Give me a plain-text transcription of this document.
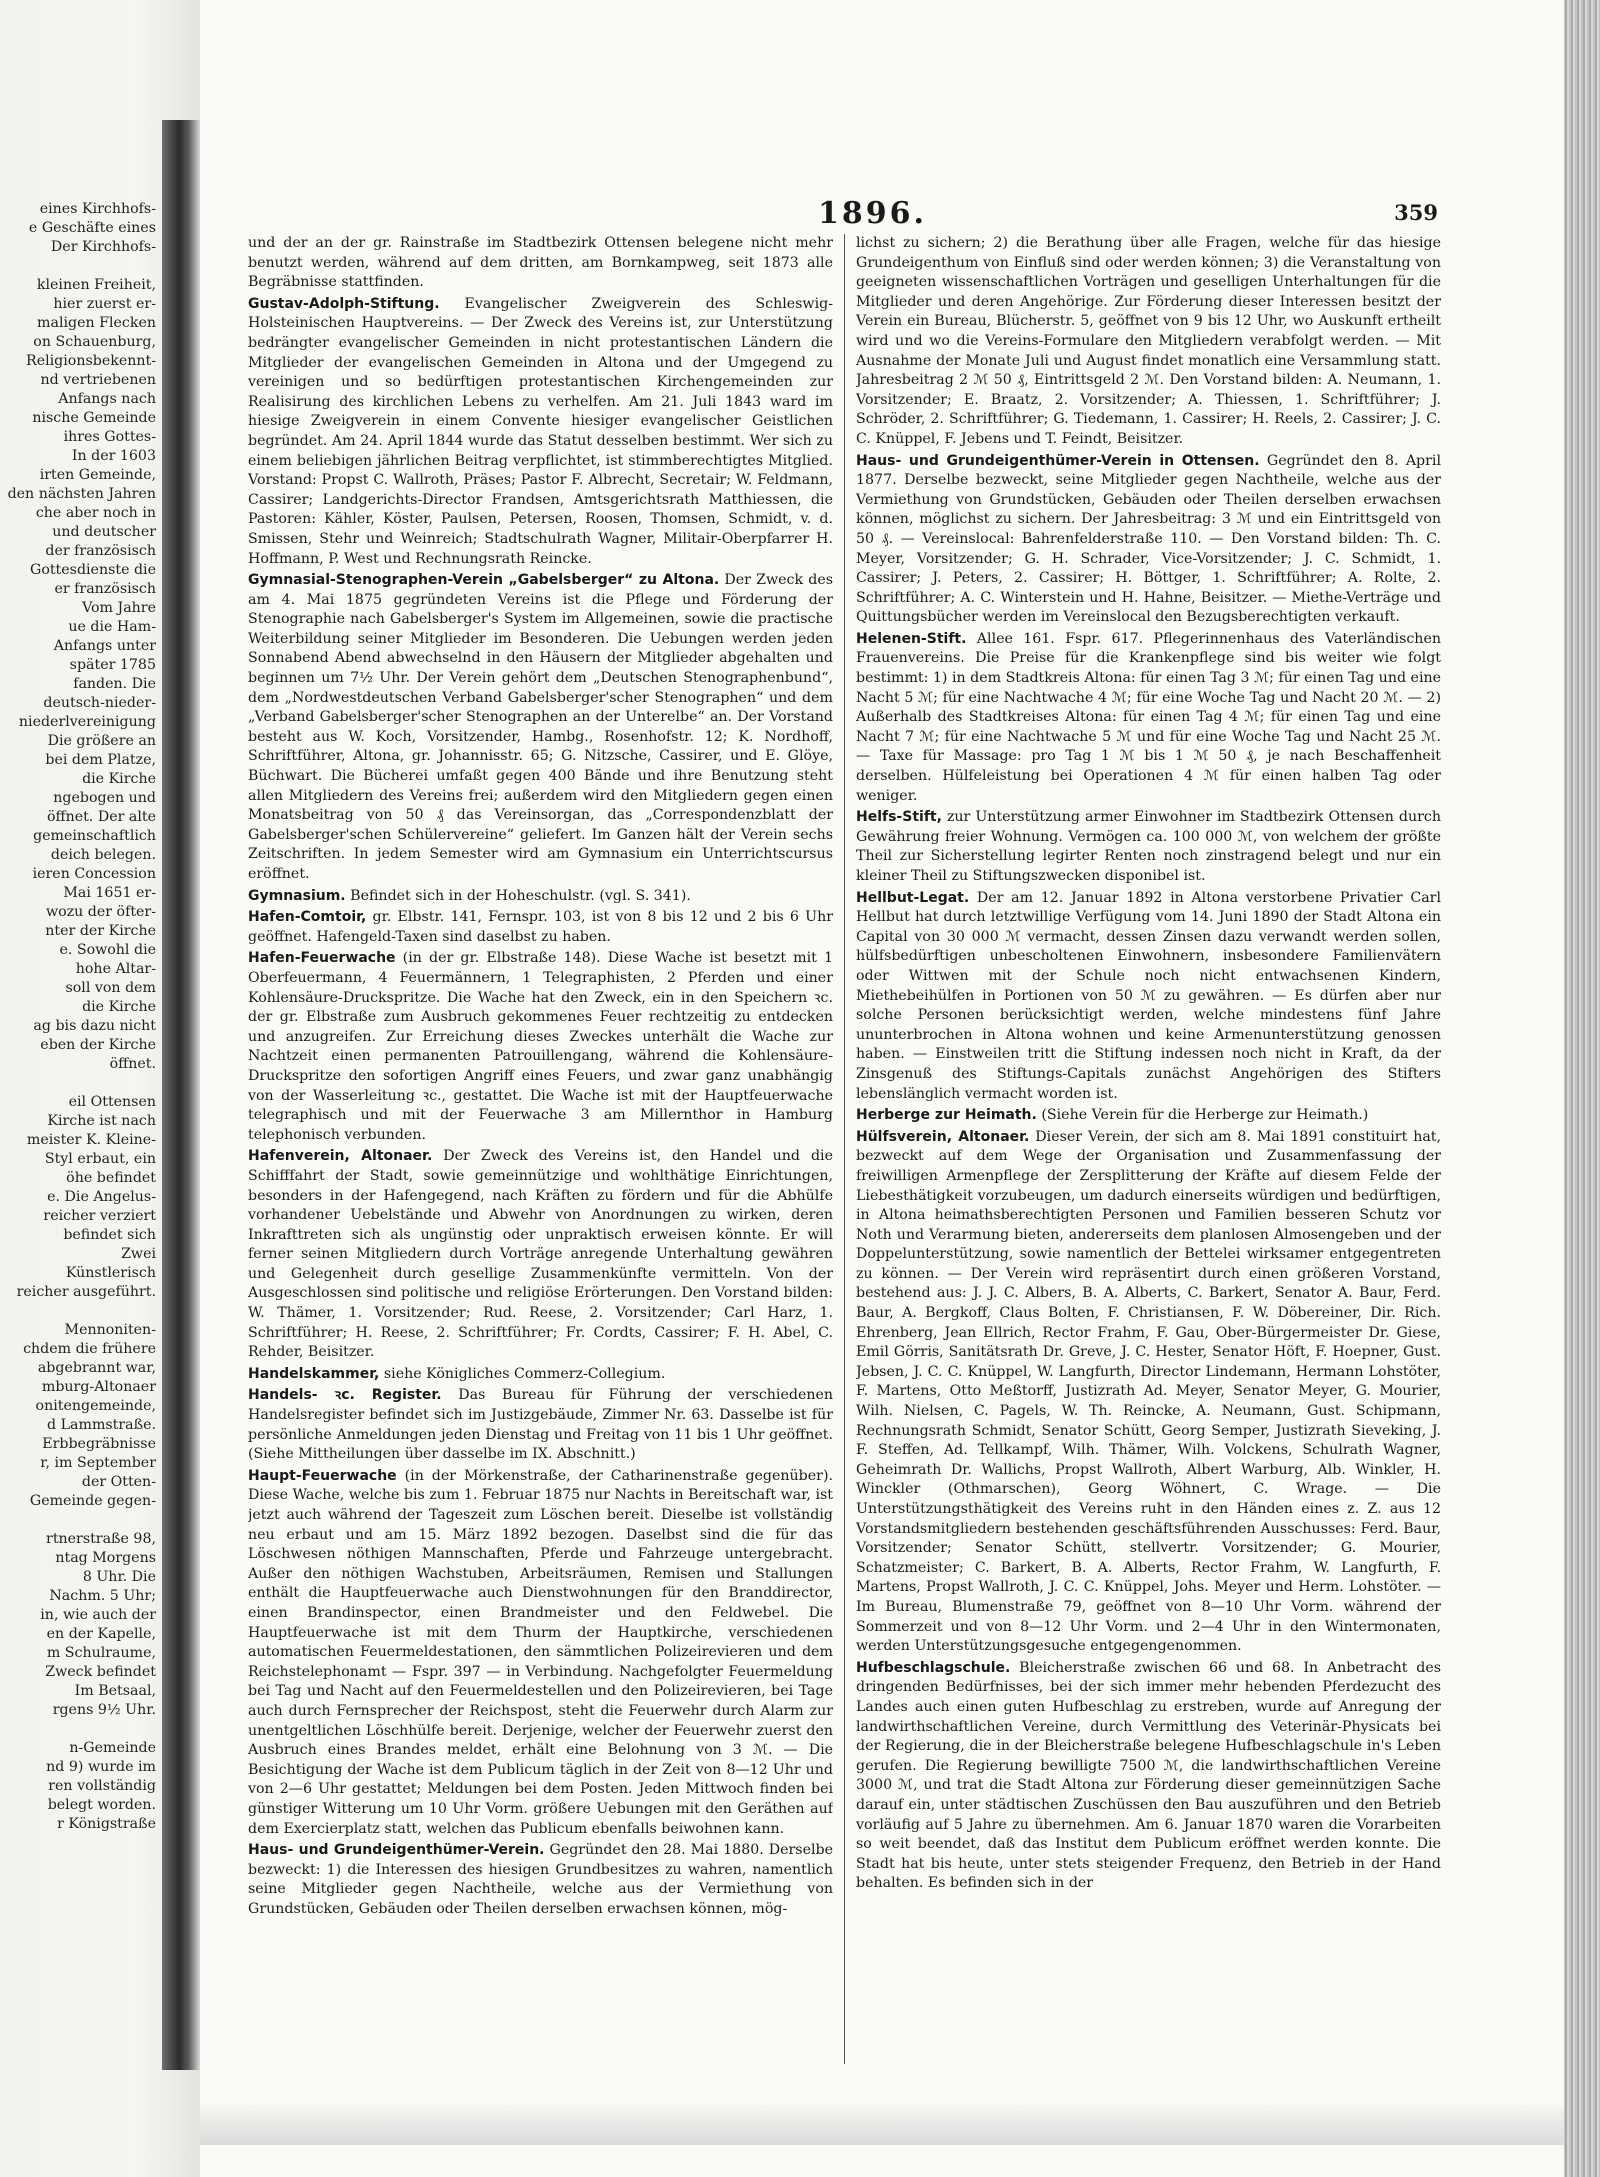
eines Kirchhofs-
e Geschäfte eines
Der Kirchhofs-
kleinen Freiheit,
hier zuerst er-
maligen Flecken
on Schauenburg,
Religionsbekennt-
nd vertriebenen
Anfangs nach
nische Gemeinde
ihres Gottes-
In der 1603
irten Gemeinde,
den nächsten Jahren
che aber noch in
und deutscher
der französisch
Gottesdienste die
er französisch
Vom Jahre
ue die Ham-
Anfangs unter
später 1785
fanden. Die
deutsch-nieder-
niederlvereinigung
Die größere an
bei dem Platze,
die Kirche
ngebogen und
öffnet. Der alte
gemeinschaftlich
deich belegen.
ieren Concession
Mai 1651 er-
wozu der öfter-
nter der Kirche
e. Sowohl die
hohe Altar-
soll von dem
die Kirche
ag bis dazu nicht
eben der Kirche
öffnet.
eil Ottensen
Kirche ist nach
meister K. Kleine-
Styl erbaut, ein
öhe befindet
e. Die Angelus-
reicher verziert
befindet sich
Zwei
Künstlerisch
reicher ausgeführt.
Mennoniten-
chdem die frühere
abgebrannt war,
mburg-Altonaer
onitengemeinde,
d Lammstraße.
Erbbegräbnisse
r, im September
der Otten-
Gemeinde gegen-
rtnerstraße 98,
ntag Morgens
8 Uhr. Die
Nachm. 5 Uhr;
in, wie auch der
en der Kapelle,
m Schulraume,
Zweck befindet
Im Betsaal,
rgens 9½ Uhr.
n-Gemeinde
nd 9) wurde im
ren vollständig
belegt worden.
r Königstraße
1896.	359

und der an der gr. Rainstraße im Stadtbezirk Ottensen belegene nicht mehr benutzt werden, während auf dem dritten, am Bornkampweg, seit 1873 alle Begräbnisse stattfinden.

Gustav-Adolph-Stiftung. Evangelischer Zweigverein des Schleswig-Holsteinischen Hauptvereins. — Der Zweck des Vereins ist, zur Unterstützung bedrängter evangelischer Gemeinden in nicht protestantischen Ländern die Mitglieder der evangelischen Gemeinden in Altona und der Umgegend zu vereinigen und so bedürftigen protestantischen Kirchengemeinden zur Realisirung des kirchlichen Lebens zu verhelfen. Am 21. Juli 1843 ward im hiesige Zweigverein in einem Convente hiesiger evangelischer Geistlichen begründet. Am 24. April 1844 wurde das Statut desselben bestimmt. Wer sich zu einem beliebigen jährlichen Beitrag verpflichtet, ist stimmberechtigtes Mitglied. Vorstand: Propst C. Wallroth, Präses; Pastor F. Albrecht, Secretair; W. Feldmann, Cassirer; Landgerichts-Director Frandsen, Amtsgerichtsrath Matthiessen, die Pastoren: Kähler, Köster, Paulsen, Petersen, Roosen, Thomsen, Schmidt, v. d. Smissen, Stehr und Weinreich; Stadtschulrath Wagner, Militair-Oberpfarrer H. Hoffmann, P. West und Rechnungsrath Reincke.

Gymnasial-Stenographen-Verein „Gabelsberger“ zu Altona. Der Zweck des am 4. Mai 1875 gegründeten Vereins ist die Pflege und Förderung der Stenographie nach Gabelsberger's System im Allgemeinen, sowie die practische Weiterbildung seiner Mitglieder im Besonderen. Die Uebungen werden jeden Sonnabend Abend abwechselnd in den Häusern der Mitglieder abgehalten und beginnen um 7½ Uhr. Der Verein gehört dem „Deutschen Stenographenbund“, dem „Nordwestdeutschen Verband Gabelsberger'scher Stenographen“ und dem „Verband Gabelsberger'scher Stenographen an der Unterelbe“ an. Der Vorstand besteht aus W. Koch, Vorsitzender, Hambg., Rosenhofstr. 12; K. Nordhoff, Schriftführer, Altona, gr. Johannisstr. 65; G. Nitzsche, Cassirer, und E. Glöye, Büchwart. Die Bücherei umfaßt gegen 400 Bände und ihre Benutzung steht allen Mitgliedern des Vereins frei; außerdem wird den Mitgliedern gegen einen Monatsbeitrag von 50 ₰ das Vereinsorgan, das „Correspondenzblatt der Gabelsberger'schen Schülervereine“ geliefert. Im Ganzen hält der Verein sechs Zeitschriften. In jedem Semester wird am Gymnasium ein Unterrichtscursus eröffnet.

Gymnasium. Befindet sich in der Hoheschulstr. (vgl. S. 341).

Hafen-Comtoir, gr. Elbstr. 141, Fernspr. 103, ist von 8 bis 12 und 2 bis 6 Uhr geöffnet. Hafengeld-Taxen sind daselbst zu haben.

Hafen-Feuerwache (in der gr. Elbstraße 148). Diese Wache ist besetzt mit 1 Oberfeuermann, 4 Feuermännern, 1 Telegraphisten, 2 Pferden und einer Kohlensäure-Druckspritze. Die Wache hat den Zweck, ein in den Speichern ꝛc. der gr. Elbstraße zum Ausbruch gekommenes Feuer rechtzeitig zu entdecken und anzugreifen. Zur Erreichung dieses Zweckes unterhält die Wache zur Nachtzeit einen permanenten Patrouillengang, während die Kohlensäure-Druckspritze den sofortigen Angriff eines Feuers, und zwar ganz unabhängig von der Wasserleitung ꝛc., gestattet. Die Wache ist mit der Hauptfeuerwache telegraphisch und mit der Feuerwache 3 am Millernthor in Hamburg telephonisch verbunden.

Hafenverein, Altonaer. Der Zweck des Vereins ist, den Handel und die Schifffahrt der Stadt, sowie gemeinnützige und wohlthätige Einrichtungen, besonders in der Hafengegend, nach Kräften zu fördern und für die Abhülfe vorhandener Uebelstände und Abwehr von Anordnungen zu wirken, deren Inkrafttreten sich als ungünstig oder unpraktisch erweisen könnte. Er will ferner seinen Mitgliedern durch Vorträge anregende Unterhaltung gewähren und Gelegenheit durch gesellige Zusammenkünfte vermitteln. Von der Ausgeschlossen sind politische und religiöse Erörterungen. Den Vorstand bilden: W. Thämer, 1. Vorsitzender; Rud. Reese, 2. Vorsitzender; Carl Harz, 1. Schriftführer; H. Reese, 2. Schriftführer; Fr. Cordts, Cassirer; F. H. Abel, C. Rehder, Beisitzer.

Handelskammer, siehe Königliches Commerz-Collegium.

Handels- ꝛc. Register. Das Bureau für Führung der verschiedenen Handelsregister befindet sich im Justizgebäude, Zimmer Nr. 63. Dasselbe ist für persönliche Anmeldungen jeden Dienstag und Freitag von 11 bis 1 Uhr geöffnet. (Siehe Mittheilungen über dasselbe im IX. Abschnitt.)

Haupt-Feuerwache (in der Mörkenstraße, der Catharinenstraße gegenüber). Diese Wache, welche bis zum 1. Februar 1875 nur Nachts in Bereitschaft war, ist jetzt auch während der Tageszeit zum Löschen bereit. Dieselbe ist vollständig neu erbaut und am 15. März 1892 bezogen. Daselbst sind die für das Löschwesen nöthigen Mannschaften, Pferde und Fahrzeuge untergebracht. Außer den nöthigen Wachstuben, Arbeitsräumen, Remisen und Stallungen enthält die Hauptfeuerwache auch Dienstwohnungen für den Branddirector, einen Brandinspector, einen Brandmeister und den Feldwebel. Die Hauptfeuerwache ist mit dem Thurm der Hauptkirche, verschiedenen automatischen Feuermeldestationen, den sämmtlichen Polizeirevieren und dem Reichstelephonamt — Fspr. 397 — in Verbindung. Nachgefolgter Feuermeldung bei Tag und Nacht auf den Feuermeldestellen und den Polizeirevieren, bei Tage auch durch Fernsprecher der Reichspost, steht die Feuerwehr durch Alarm zur unentgeltlichen Löschhülfe bereit. Derjenige, welcher der Feuerwehr zuerst den Ausbruch eines Brandes meldet, erhält eine Belohnung von 3 ℳ. — Die Besichtigung der Wache ist dem Publicum täglich in der Zeit von 8—12 Uhr und von 2—6 Uhr gestattet; Meldungen bei dem Posten. Jeden Mittwoch finden bei günstiger Witterung um 10 Uhr Vorm. größere Uebungen mit den Geräthen auf dem Exercierplatz statt, welchen das Publicum ebenfalls beiwohnen kann.

Haus- und Grundeigenthümer-Verein. Gegründet den 28. Mai 1880. Derselbe bezweckt: 1) die Interessen des hiesigen Grundbesitzes zu wahren, namentlich seine Mitglieder gegen Nachtheile, welche aus der Vermiethung von Grundstücken, Gebäuden oder Theilen derselben erwachsen können, mög-

lichst zu sichern; 2) die Berathung über alle Fragen, welche für das hiesige Grundeigenthum von Einfluß sind oder werden können; 3) die Veranstaltung von geeigneten wissenschaftlichen Vorträgen und geselligen Unterhaltungen für die Mitglieder und deren Angehörige. Zur Förderung dieser Interessen besitzt der Verein ein Bureau, Blücherstr. 5, geöffnet von 9 bis 12 Uhr, wo Auskunft ertheilt wird und wo die Vereins-Formulare den Mitgliedern verabfolgt werden. — Mit Ausnahme der Monate Juli und August findet monatlich eine Versammlung statt. Jahresbeitrag 2 ℳ 50 ₰, Eintrittsgeld 2 ℳ. Den Vorstand bilden: A. Neumann, 1. Vorsitzender; E. Braatz, 2. Vorsitzender; A. Thiessen, 1. Schriftführer; J. Schröder, 2. Schriftführer; G. Tiedemann, 1. Cassirer; H. Reels, 2. Cassirer; J. C. C. Knüppel, F. Jebens und T. Feindt, Beisitzer.

Haus- und Grundeigenthümer-Verein in Ottensen. Gegründet den 8. April 1877. Derselbe bezweckt, seine Mitglieder gegen Nachtheile, welche aus der Vermiethung von Grundstücken, Gebäuden oder Theilen derselben erwachsen können, möglichst zu sichern. Der Jahresbeitrag: 3 ℳ und ein Eintrittsgeld von 50 ₰. — Vereinslocal: Bahrenfelderstraße 110. — Den Vorstand bilden: Th. C. Meyer, Vorsitzender; G. H. Schrader, Vice-Vorsitzender; J. C. Schmidt, 1. Cassirer; J. Peters, 2. Cassirer; H. Böttger, 1. Schriftführer; A. Rolte, 2. Schriftführer; A. C. Winterstein und H. Hahne, Beisitzer. — Miethe-Verträge und Quittungsbücher werden im Vereinslocal den Bezugsberechtigten verkauft.

Helenen-Stift. Allee 161. Fspr. 617. Pflegerinnenhaus des Vaterländischen Frauenvereins. Die Preise für die Krankenpflege sind bis weiter wie folgt bestimmt: 1) in dem Stadtkreis Altona: für einen Tag 3 ℳ; für einen Tag und eine Nacht 5 ℳ; für eine Nachtwache 4 ℳ; für eine Woche Tag und Nacht 20 ℳ. — 2) Außerhalb des Stadtkreises Altona: für einen Tag 4 ℳ; für einen Tag und eine Nacht 7 ℳ; für eine Nachtwache 5 ℳ und für eine Woche Tag und Nacht 25 ℳ. — Taxe für Massage: pro Tag 1 ℳ bis 1 ℳ 50 ₰, je nach Beschaffenheit derselben. Hülfeleistung bei Operationen 4 ℳ für einen halben Tag oder weniger.

Helfs-Stift, zur Unterstützung armer Einwohner im Stadtbezirk Ottensen durch Gewährung freier Wohnung. Vermögen ca. 100 000 ℳ, von welchem der größte Theil zur Sicherstellung legirter Renten noch zinstragend belegt und nur ein kleiner Theil zu Stiftungszwecken disponibel ist.

Hellbut-Legat. Der am 12. Januar 1892 in Altona verstorbene Privatier Carl Hellbut hat durch letztwillige Verfügung vom 14. Juni 1890 der Stadt Altona ein Capital von 30 000 ℳ vermacht, dessen Zinsen dazu verwandt werden sollen, hülfsbedürftigen unbescholtenen Einwohnern, insbesondere Familienvätern oder Wittwen mit der Schule noch nicht entwachsenen Kindern, Miethebeihülfen in Portionen von 50 ℳ zu gewähren. — Es dürfen aber nur solche Personen berücksichtigt werden, welche mindestens fünf Jahre ununterbrochen in Altona wohnen und keine Armenunterstützung genossen haben. — Einstweilen tritt die Stiftung indessen noch nicht in Kraft, da der Zinsgenuß des Stiftungs-Capitals zunächst Angehörigen des Stifters lebenslänglich vermacht worden ist.

Herberge zur Heimath. (Siehe Verein für die Herberge zur Heimath.)

Hülfsverein, Altonaer. Dieser Verein, der sich am 8. Mai 1891 constituirt hat, bezweckt auf dem Wege der Organisation und Zusammenfassung der freiwilligen Armenpflege der Zersplitterung der Kräfte auf diesem Felde der Liebesthätigkeit vorzubeugen, um dadurch einerseits würdigen und bedürftigen, in Altona heimathsberechtigten Personen und Familien besseren Schutz vor Noth und Verarmung bieten, andererseits dem planlosen Almosengeben und der Doppelunterstützung, sowie namentlich der Bettelei wirksamer entgegentreten zu können. — Der Verein wird repräsentirt durch einen größeren Vorstand, bestehend aus: J. J. C. Albers, B. A. Alberts, C. Barkert, Senator A. Baur, Ferd. Baur, A. Bergkoff, Claus Bolten, F. Christiansen, F. W. Döbereiner, Dir. Rich. Ehrenberg, Jean Ellrich, Rector Frahm, F. Gau, Ober-Bürgermeister Dr. Giese, Emil Görris, Sanitätsrath Dr. Greve, J. C. Hester, Senator Höft, F. Hoepner, Gust. Jebsen, J. C. C. Knüppel, W. Langfurth, Director Lindemann, Hermann Lohstöter, F. Martens, Otto Meßtorff, Justizrath Ad. Meyer, Senator Meyer, G. Mourier, Wilh. Nielsen, C. Pagels, W. Th. Reincke, A. Neumann, Gust. Schipmann, Rechnungsrath Schmidt, Senator Schütt, Georg Semper, Justizrath Sieveking, J. F. Steffen, Ad. Tellkampf, Wilh. Thämer, Wilh. Volckens, Schulrath Wagner, Geheimrath Dr. Wallichs, Propst Wallroth, Albert Warburg, Alb. Winkler, H. Winckler (Othmarschen), Georg Wöhnert, C. Wrage. — Die Unterstützungsthätigkeit des Vereins ruht in den Händen eines z. Z. aus 12 Vorstandsmitgliedern bestehenden geschäftsführenden Ausschusses: Ferd. Baur, Vorsitzender; Senator Schütt, stellvertr. Vorsitzender; G. Mourier, Schatzmeister; C. Barkert, B. A. Alberts, Rector Frahm, W. Langfurth, F. Martens, Propst Wallroth, J. C. C. Knüppel, Johs. Meyer und Herm. Lohstöter. — Im Bureau, Blumenstraße 79, geöffnet von 8—10 Uhr Vorm. während der Sommerzeit und von 8—12 Uhr Vorm. und 2—4 Uhr in den Wintermonaten, werden Unterstützungsgesuche entgegengenommen.

Hufbeschlagschule. Bleicherstraße zwischen 66 und 68. In Anbetracht des dringenden Bedürfnisses, bei der sich immer mehr hebenden Pferdezucht des Landes auch einen guten Hufbeschlag zu erstreben, wurde auf Anregung der landwirthschaftlichen Vereine, durch Vermittlung des Veterinär-Physicats bei der Regierung, die in der Bleicherstraße belegene Hufbeschlagschule in's Leben gerufen. Die Regierung bewilligte 7500 ℳ, die landwirthschaftlichen Vereine 3000 ℳ, und trat die Stadt Altona zur Förderung dieser gemeinnützigen Sache darauf ein, unter städtischen Zuschüssen den Bau auszuführen und den Betrieb vorläufig auf 5 Jahre zu übernehmen. Am 6. Januar 1870 waren die Vorarbeiten so weit beendet, daß das Institut dem Publicum eröffnet werden konnte. Die Stadt hat bis heute, unter stets steigender Frequenz, den Betrieb in der Hand behalten. Es befinden sich in der
